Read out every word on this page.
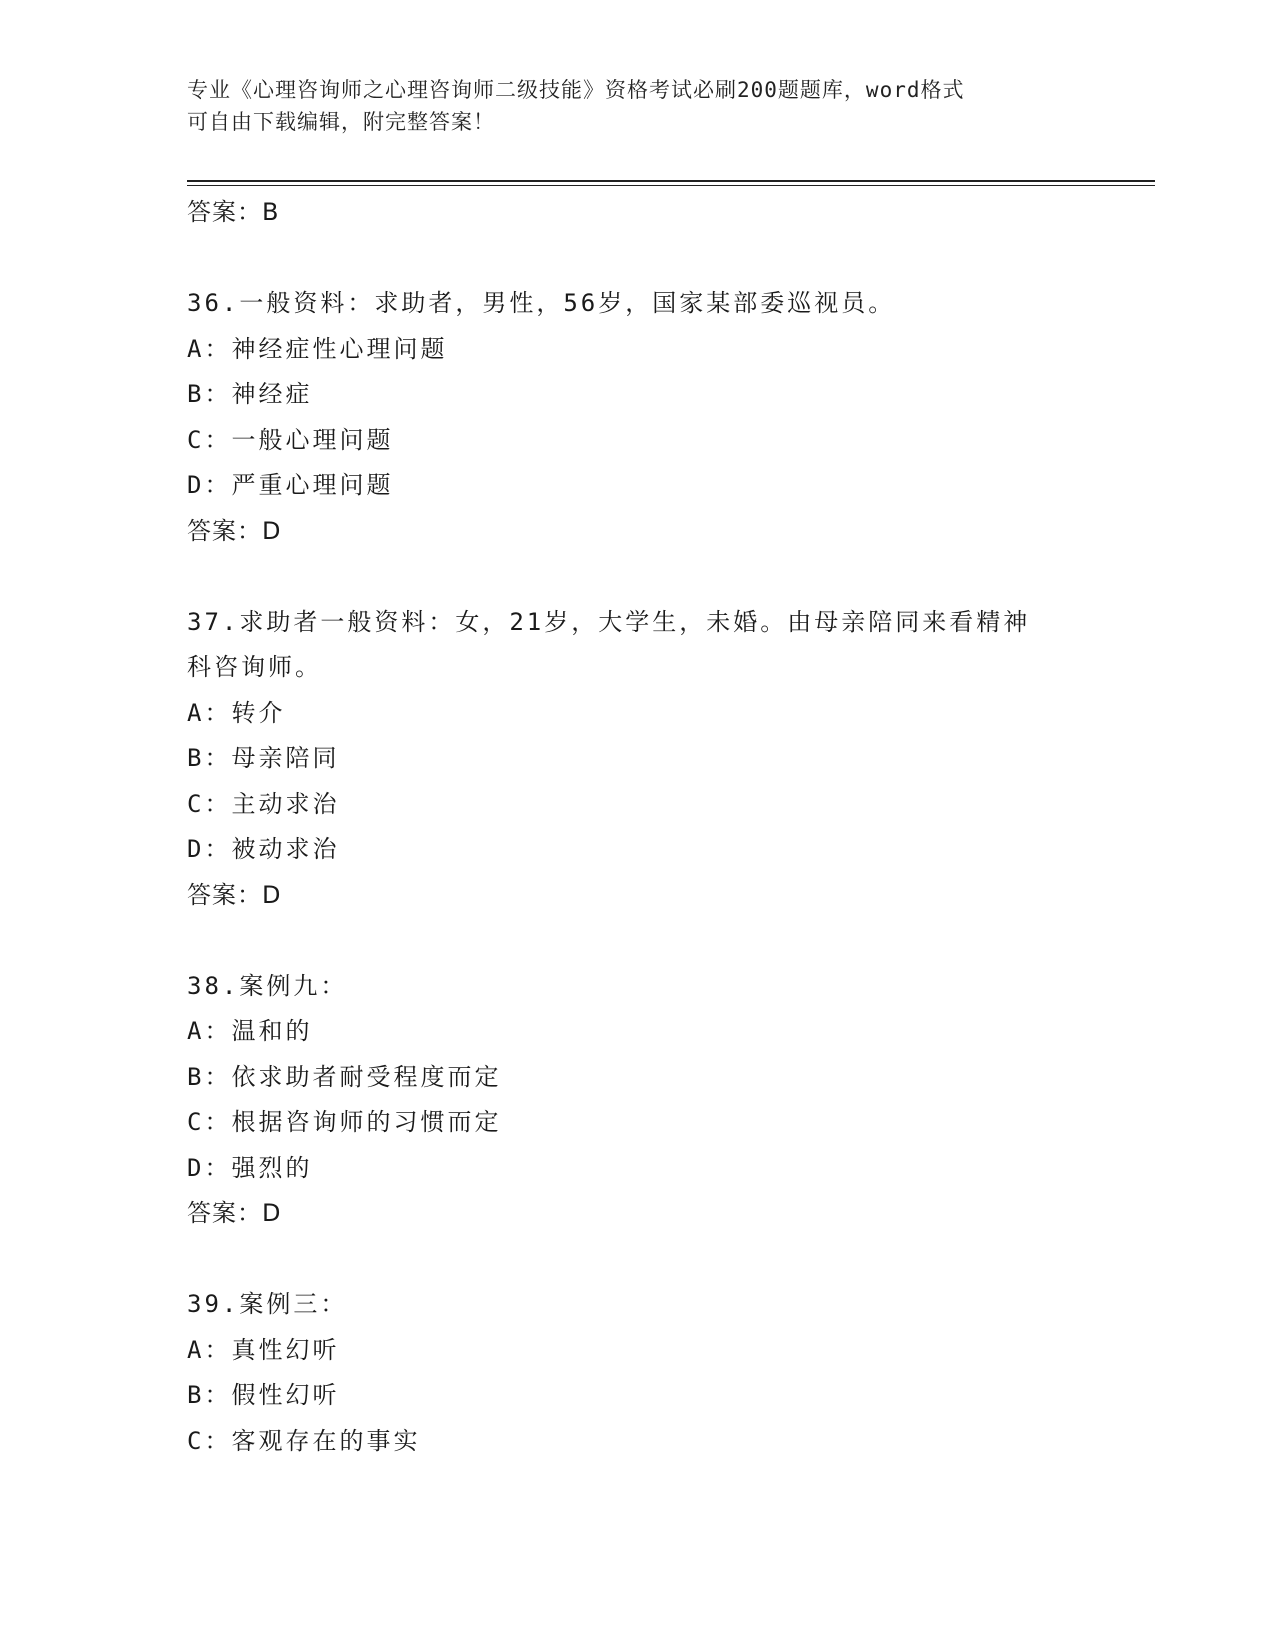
专业《心理咨询师之心理咨询师二级技能》资格考试必刷200题题库，word格式
可自由下载编辑，附完整答案！
答案：B
36.一般资料：求助者，男性，56岁，国家某部委巡视员。
A：神经症性心理问题
B：神经症
C：一般心理问题
D：严重心理问题
答案：D
37.求助者一般资料：女，21岁，大学生，未婚。由母亲陪同来看精神
科咨询师。
A：转介
B：母亲陪同
C：主动求治
D：被动求治
答案：D
38.案例九：
A：温和的
B：依求助者耐受程度而定
C：根据咨询师的习惯而定
D：强烈的
答案：D
39.案例三：
A：真性幻听
B：假性幻听
C：客观存在的事实
